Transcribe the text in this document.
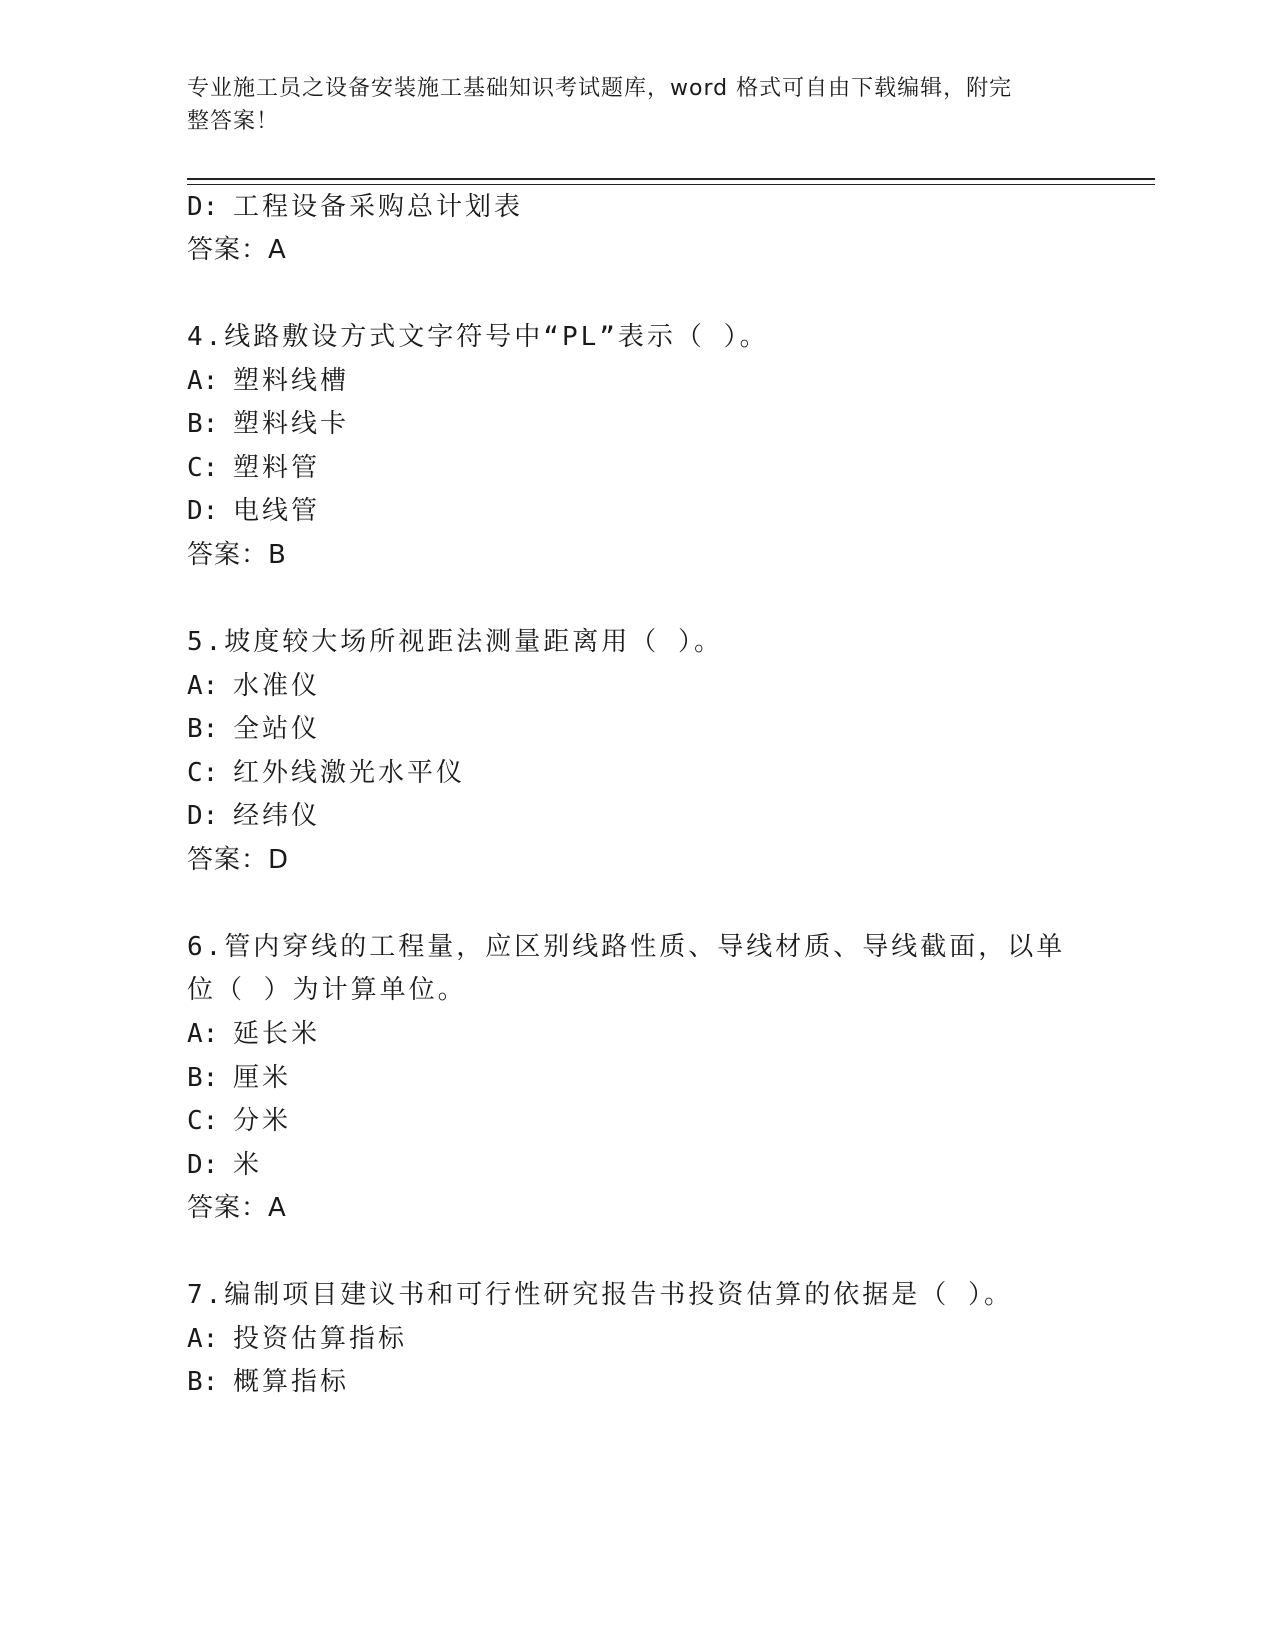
专业施工员之设备安装施工基础知识考试题库，word 格式可自由下载编辑，附完
整答案！
D: 工程设备采购总计划表
答案：A
4.线路敷设方式文字符号中“PL”表示（ ）。
A: 塑料线槽
B: 塑料线卡
C: 塑料管
D: 电线管
答案：B
5.坡度较大场所视距法测量距离用（ ）。
A: 水准仪
B: 全站仪
C: 红外线激光水平仪
D: 经纬仪
答案：D
6.管内穿线的工程量，应区别线路性质、导线材质、导线截面，以单
位（ ）为计算单位。
A: 延长米
B: 厘米
C: 分米
D: 米
答案：A
7.编制项目建议书和可行性研究报告书投资估算的依据是（ ）。
A: 投资估算指标
B: 概算指标
